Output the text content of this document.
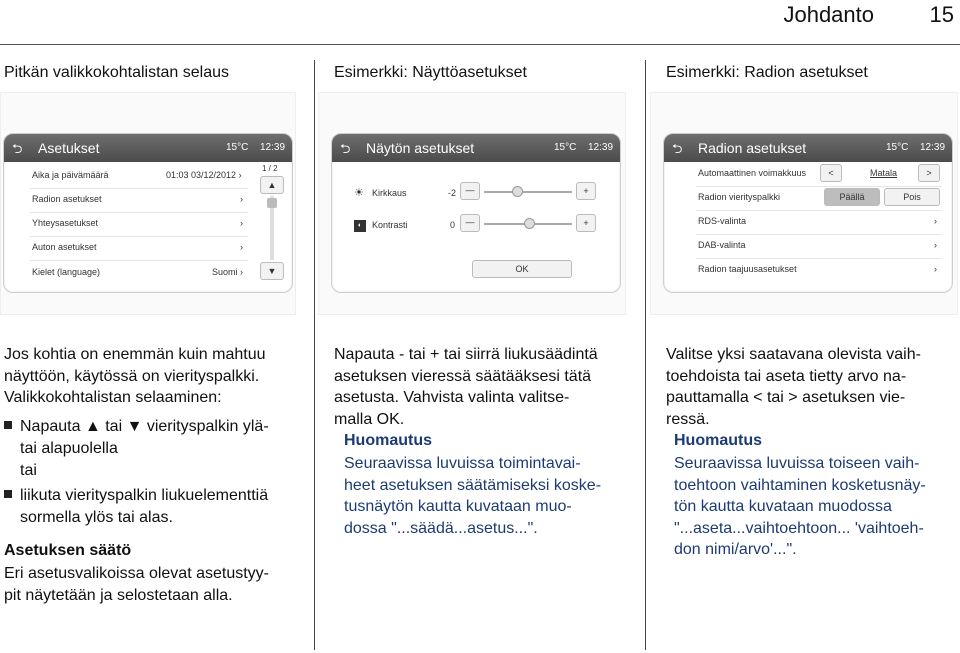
Johdanto	15
Pitkän valikkokohtalistan selaus	Esimerkki: Näyttöasetukset	Esimerkki: Radion asetukset
⮌ Asetukset	15°C 12:39
Aika ja päivämäärä	01:03 03/12/2012 ›
Radion asetukset	›
Yhteysasetukset	›
Auton asetukset	›
Kielet (language)	Suomi ›
1 / 2
▲
▼
⮌ Näytön asetukset	15°C 12:39
☀ Kirkkaus	-2	—	+
◐	Kontrasti	0	—	+
OK
⮌ Radion asetukset	15°C 12:39
Automaattinen voimakkuus	<	Matala	>
Radion vierityspalkki	Päällä	Pois
RDS-valinta	›
DAB-valinta	›
Radion taajuusasetukset	›

Jos kohtia on enemmän kuin mahtuu

näyttöön, käytössä on vierityspalkki.

Valikkokohtalistan selaaminen:

Napauta ▲ tai ▼ vierityspalkin ylä-
tai alapuolella
tai
liikuta vierityspalkin liukuelementtiä
sormella ylös tai alas.
Asetuksen säätö

Eri asetusvalikoissa olevat asetustyy-

pit näytetään ja selostetaan alla.

Napauta - tai + tai siirrä liukusäädintä

asetuksen vieressä säätääksesi tätä

asetusta. Vahvista valinta valitse-

malla OK.

Huomautus

Seuraavissa luvuissa toimintavai-

heet asetuksen säätämiseksi koske-

tusnäytön kautta kuvataan muo-

dossa "...säädä...asetus...".

Valitse yksi saatavana olevista vaih-

toehdoista tai aseta tietty arvo na-

pauttamalla < tai > asetuksen vie-

ressä.

Huomautus

Seuraavissa luvuissa toiseen vaih-

toehtoon vaihtaminen kosketusnäy-

tön kautta kuvataan muodossa

"...aseta...vaihtoehtoon... 'vaihtoeh-

don nimi/arvo'...".
